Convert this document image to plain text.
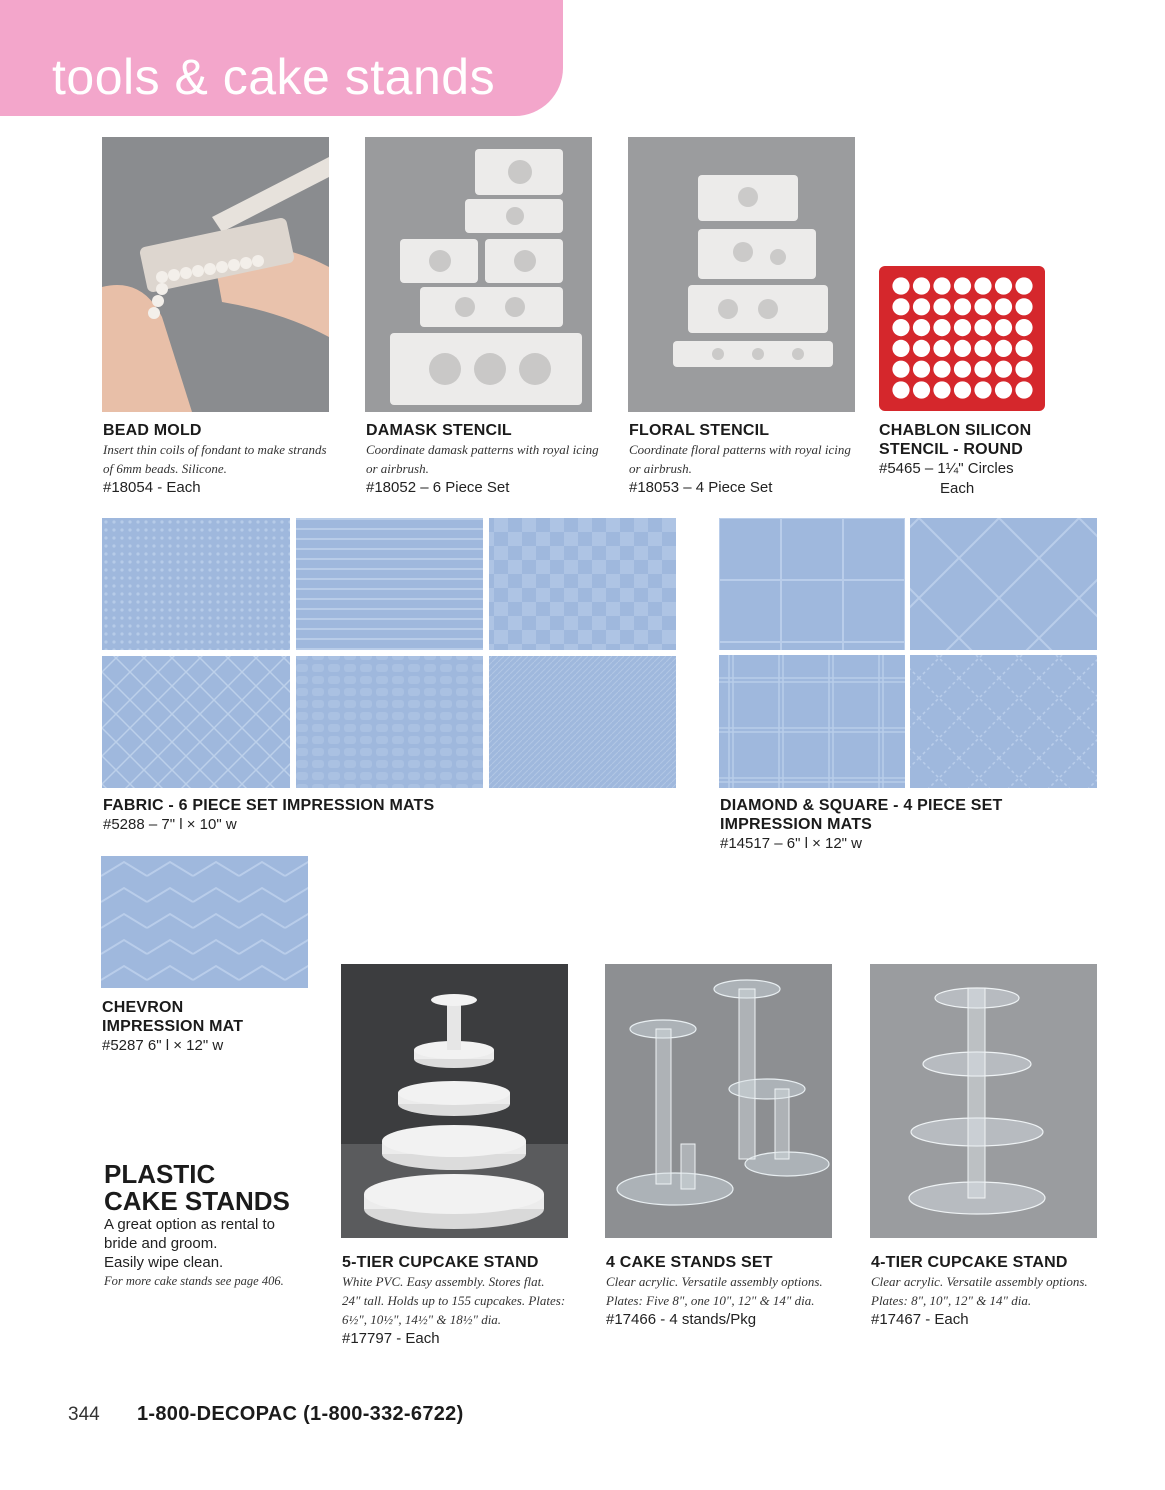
tools & cake stands
BEAD MOLD
Insert thin coils of fondant to make strands of 6mm beads. Silicone.
#18054 - Each
DAMASK STENCIL
Coordinate damask patterns with royal icing or airbrush.
#18052 – 6 Piece Set
FLORAL STENCIL
Coordinate floral patterns with royal icing or airbrush.
#18053 – 4 Piece Set
CHABLON SILICON
STENCIL - ROUND
#5465 – 1¼" Circles
Each
FABRIC - 6 PIECE SET IMPRESSION MATS
#5288 – 7" l × 10" w
DIAMOND & SQUARE - 4 PIECE SET
IMPRESSION MATS
#14517 – 6" l × 12" w
CHEVRON
IMPRESSION MAT
#5287 6" l × 12" w
PLASTIC
CAKE STANDS
A great option as rental to
bride and groom.
Easily wipe clean.
For more cake stands see page 406.
5-TIER CUPCAKE STAND
White PVC. Easy assembly. Stores flat.
24" tall. Holds up to 155 cupcakes. Plates:
6½", 10½", 14½" & 18½" dia.
#17797 - Each
4 CAKE STANDS SET
Clear acrylic. Versatile assembly options.
Plates: Five 8", one 10", 12" & 14" dia.
#17466 - 4 stands/Pkg
4-TIER CUPCAKE STAND
Clear acrylic. Versatile assembly options.
Plates: 8", 10", 12" & 14" dia.
#17467 - Each
344 1-800-DECOPAC (1-800-332-6722)
